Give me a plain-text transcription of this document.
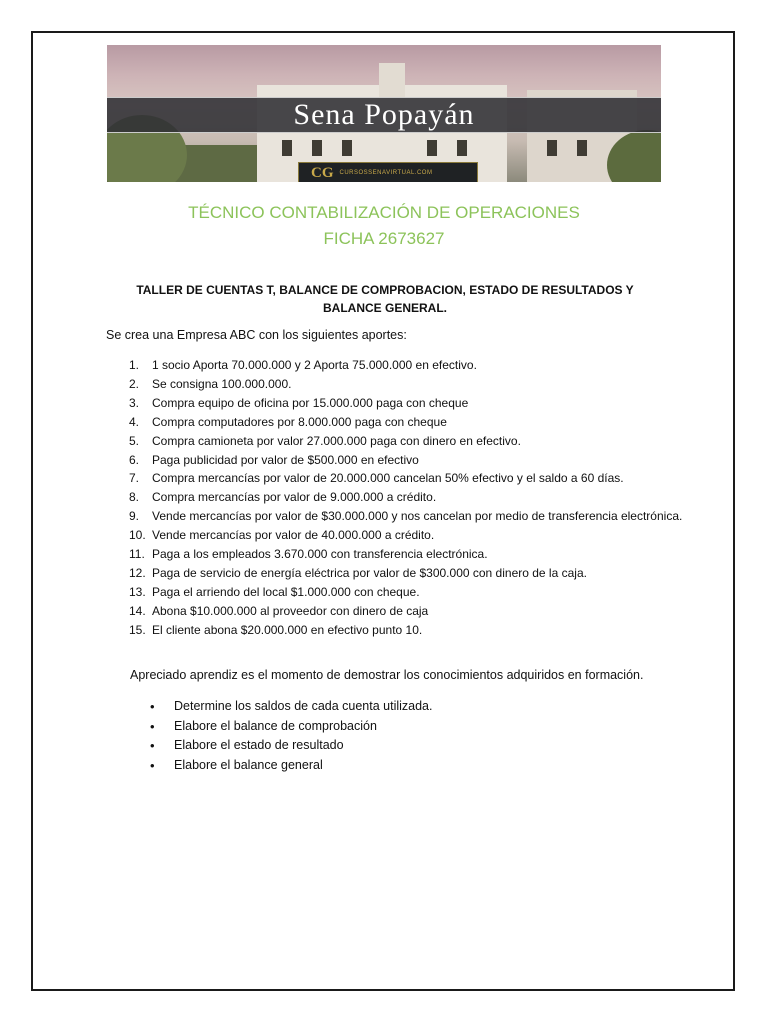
Sena Popayán
CG CURSOSSENAVIRTUAL.COM
TÉCNICO CONTABILIZACIÓN DE OPERACIONES
FICHA 2673627
TALLER DE CUENTAS T, BALANCE DE COMPROBACION, ESTADO DE RESULTADOS Y BALANCE GENERAL.
Se crea una Empresa ABC con los siguientes aportes:
1. 1 socio Aporta 70.000.000 y 2 Aporta 75.000.000 en efectivo.
2. Se consigna 100.000.000.
3. Compra equipo de oficina por 15.000.000 paga con cheque
4. Compra computadores por 8.000.000 paga con cheque
5. Compra camioneta por valor 27.000.000 paga con dinero en efectivo.
6. Paga publicidad por valor de $500.000 en efectivo
7. Compra mercancías por valor de 20.000.000 cancelan 50% efectivo y el saldo a 60 días.
8. Compra mercancías por valor de 9.000.000 a crédito.
9. Vende mercancías por valor de $30.000.000 y nos cancelan por medio de transferencia electrónica.
10. Vende mercancías por valor de 40.000.000 a crédito.
11. Paga a los empleados 3.670.000 con transferencia electrónica.
12. Paga de servicio de energía eléctrica por valor de $300.000 con dinero de la caja.
13. Paga el arriendo del local $1.000.000 con cheque.
14. Abona $10.000.000 al proveedor con dinero de caja
15. El cliente abona $20.000.000 en efectivo punto 10.
Apreciado aprendiz es el momento de demostrar los conocimientos adquiridos en formación.
• Determine los saldos de cada cuenta utilizada.
• Elabore el balance de comprobación
• Elabore el estado de resultado
• Elabore el balance general
